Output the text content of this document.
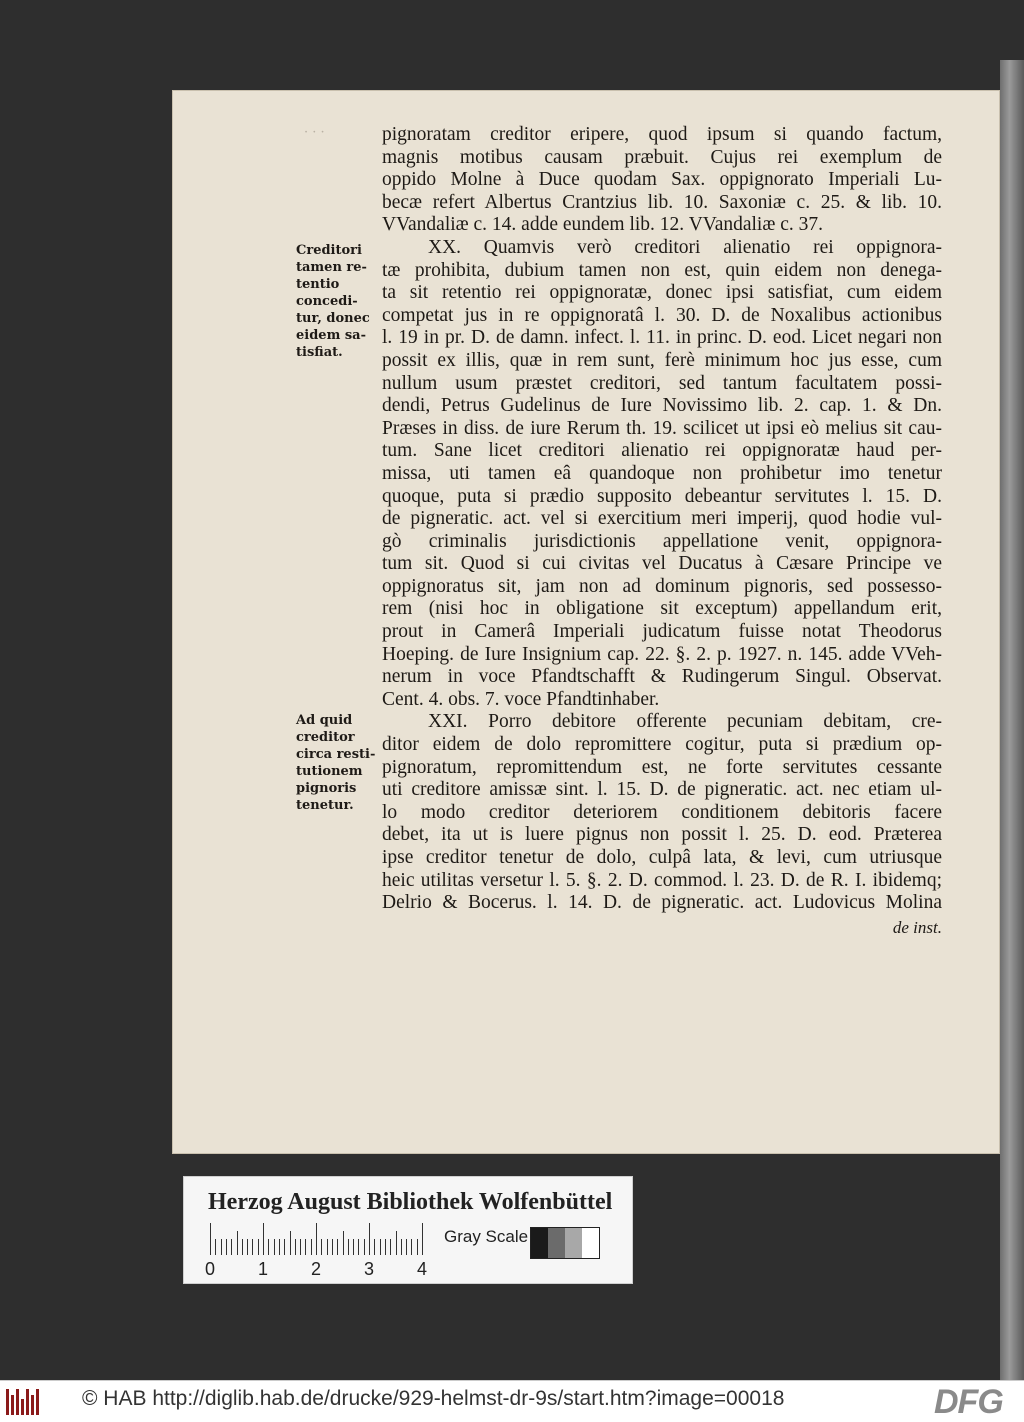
· · ·
Creditori
tamen re-
tentio
concedi-
tur, donec
eidem sa-
tisfiat.
Ad quid
creditor
circa resti-
tutionem
pignoris
tenetur.
pignoratam creditor eripere, quod ipsum si quando factum,
magnis motibus causam præbuit. Cujus rei exemplum de
oppido Molne à Duce quodam Sax. oppignorato Imperiali Lu-
becæ refert Albertus Crantzius lib. 10. Saxoniæ c. 25. & lib. 10.
VVandaliæ c. 14. adde eundem lib. 12. VVandaliæ c. 37.
XX. Quamvis verò creditori alienatio rei oppignora-
tæ prohibita, dubium tamen non est, quin eidem non denega-
ta sit retentio rei oppignoratæ, donec ipsi satisfiat, cum eidem
competat jus in re oppignoratâ l. 30. D. de Noxalibus actionibus
l. 19 in pr. D. de damn. infect. l. 11. in princ. D. eod. Licet negari non
possit ex illis, quæ in rem sunt, ferè minimum hoc jus esse, cum
nullum usum præstet creditori, sed tantum facultatem possi-
dendi, Petrus Gudelinus de Iure Novissimo lib. 2. cap. 1. & Dn.
Præses in diss. de iure Rerum th. 19. scilicet ut ipsi eò melius sit cau-
tum. Sane licet creditori alienatio rei oppignoratæ haud per-
missa, uti tamen eâ quandoque non prohibetur imo tenetur
quoque, puta si prædio supposito debeantur servitutes l. 15. D.
de pigneratic. act. vel si exercitium meri imperij, quod hodie vul-
gò criminalis jurisdictionis appellatione venit, oppignora-
tum sit. Quod si cui civitas vel Ducatus à Cæsare Principe ve
oppignoratus sit, jam non ad dominum pignoris, sed possesso-
rem (nisi hoc in obligatione sit exceptum) appellandum erit,
prout in Camerâ Imperiali judicatum fuisse notat Theodorus
Hoeping. de Iure Insignium cap. 22. §. 2. p. 1927. n. 145. adde VVeh-
nerum in voce Pfandtschafft & Rudingerum Singul. Observat.
Cent. 4. obs. 7. voce Pfandtinhaber.
XXI. Porro debitore offerente pecuniam debitam, cre-
ditor eidem de dolo repromittere cogitur, puta si prædium op-
pignoratum, repromittendum est, ne forte servitutes cessante
uti creditore amissæ sint. l. 15. D. de pigneratic. act. nec etiam ul-
lo modo creditor deteriorem conditionem debitoris facere
debet, ita ut is luere pignus non possit l. 25. D. eod. Præterea
ipse creditor tenetur de dolo, culpâ lata, & levi, cum utriusque
heic utilitas versetur l. 5. §. 2. D. commod. l. 23. D. de R. I. ibidemq;
Delrio & Bocerus. l. 14. D. de pigneratic. act. Ludovicus Molina
de inst.
Herzog August Bibliothek Wolfenbüttel
0 1 2 3 4
Gray Scale
© HAB http://diglib.hab.de/drucke/929-helmst-dr-9s/start.htm?image=00018	DFG
